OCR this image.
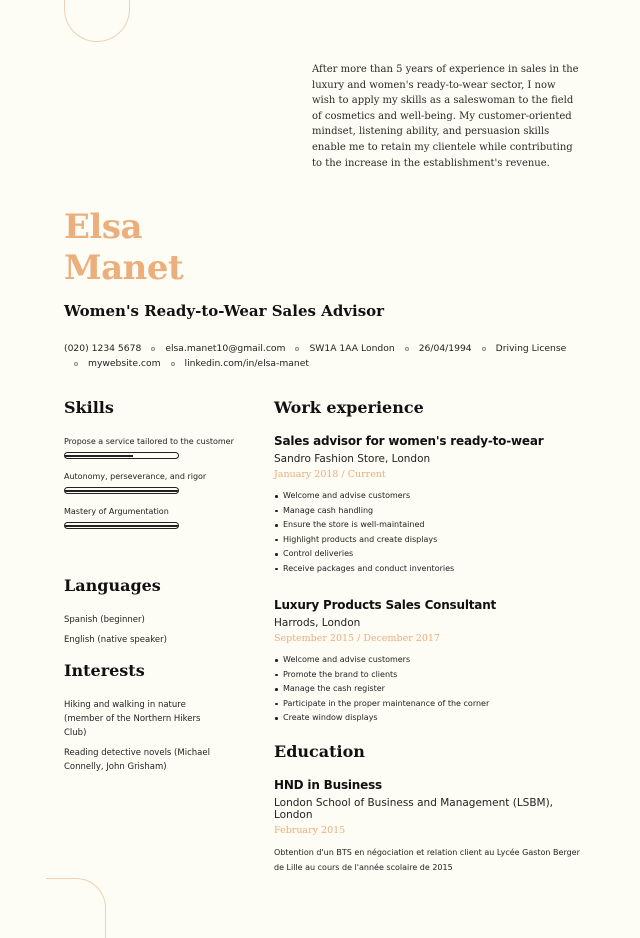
After more than 5 years of experience in sales in the luxury and women's ready-to-wear sector, I now wish to apply my skills as a saleswoman to the field of cosmetics and well-being. My customer-oriented mindset, listening ability, and persuasion skills enable me to retain my clientele while contributing to the increase in the establishment's revenue.

Elsa
Manet
Women's Ready-to-Wear Sales Advisor
(020) 1234 5678	elsa.manet10@gmail.com	SW1A 1AA London	26/04/1994	Driving License
mywebsite.com	linkedin.com/in/elsa-manet
Skills
Propose a service tailored to the customer
Autonomy, perseverance, and rigor
Mastery of Argumentation
Languages
Spanish (beginner)
English (native speaker)
Interests
Hiking and walking in nature (member of the Northern Hikers Club)
Reading detective novels (Michael Connelly, John Grisham)
Work experience
Sales advisor for women's ready-to-wear
Sandro Fashion Store, London
January 2018 / Current
Welcome and advise customers
Manage cash handling
Ensure the store is well-maintained
Highlight products and create displays
Control deliveries
Receive packages and conduct inventories
Luxury Products Sales Consultant
Harrods, London
September 2015 / December 2017
Welcome and advise customers
Promote the brand to clients
Manage the cash register
Participate in the proper maintenance of the corner
Create window displays
Education
HND in Business
London School of Business and Management (LSBM), London
February 2015
Obtention d'un BTS en négociation et relation client au Lycée Gaston Berger de Lille au cours de l'année scolaire de 2015
